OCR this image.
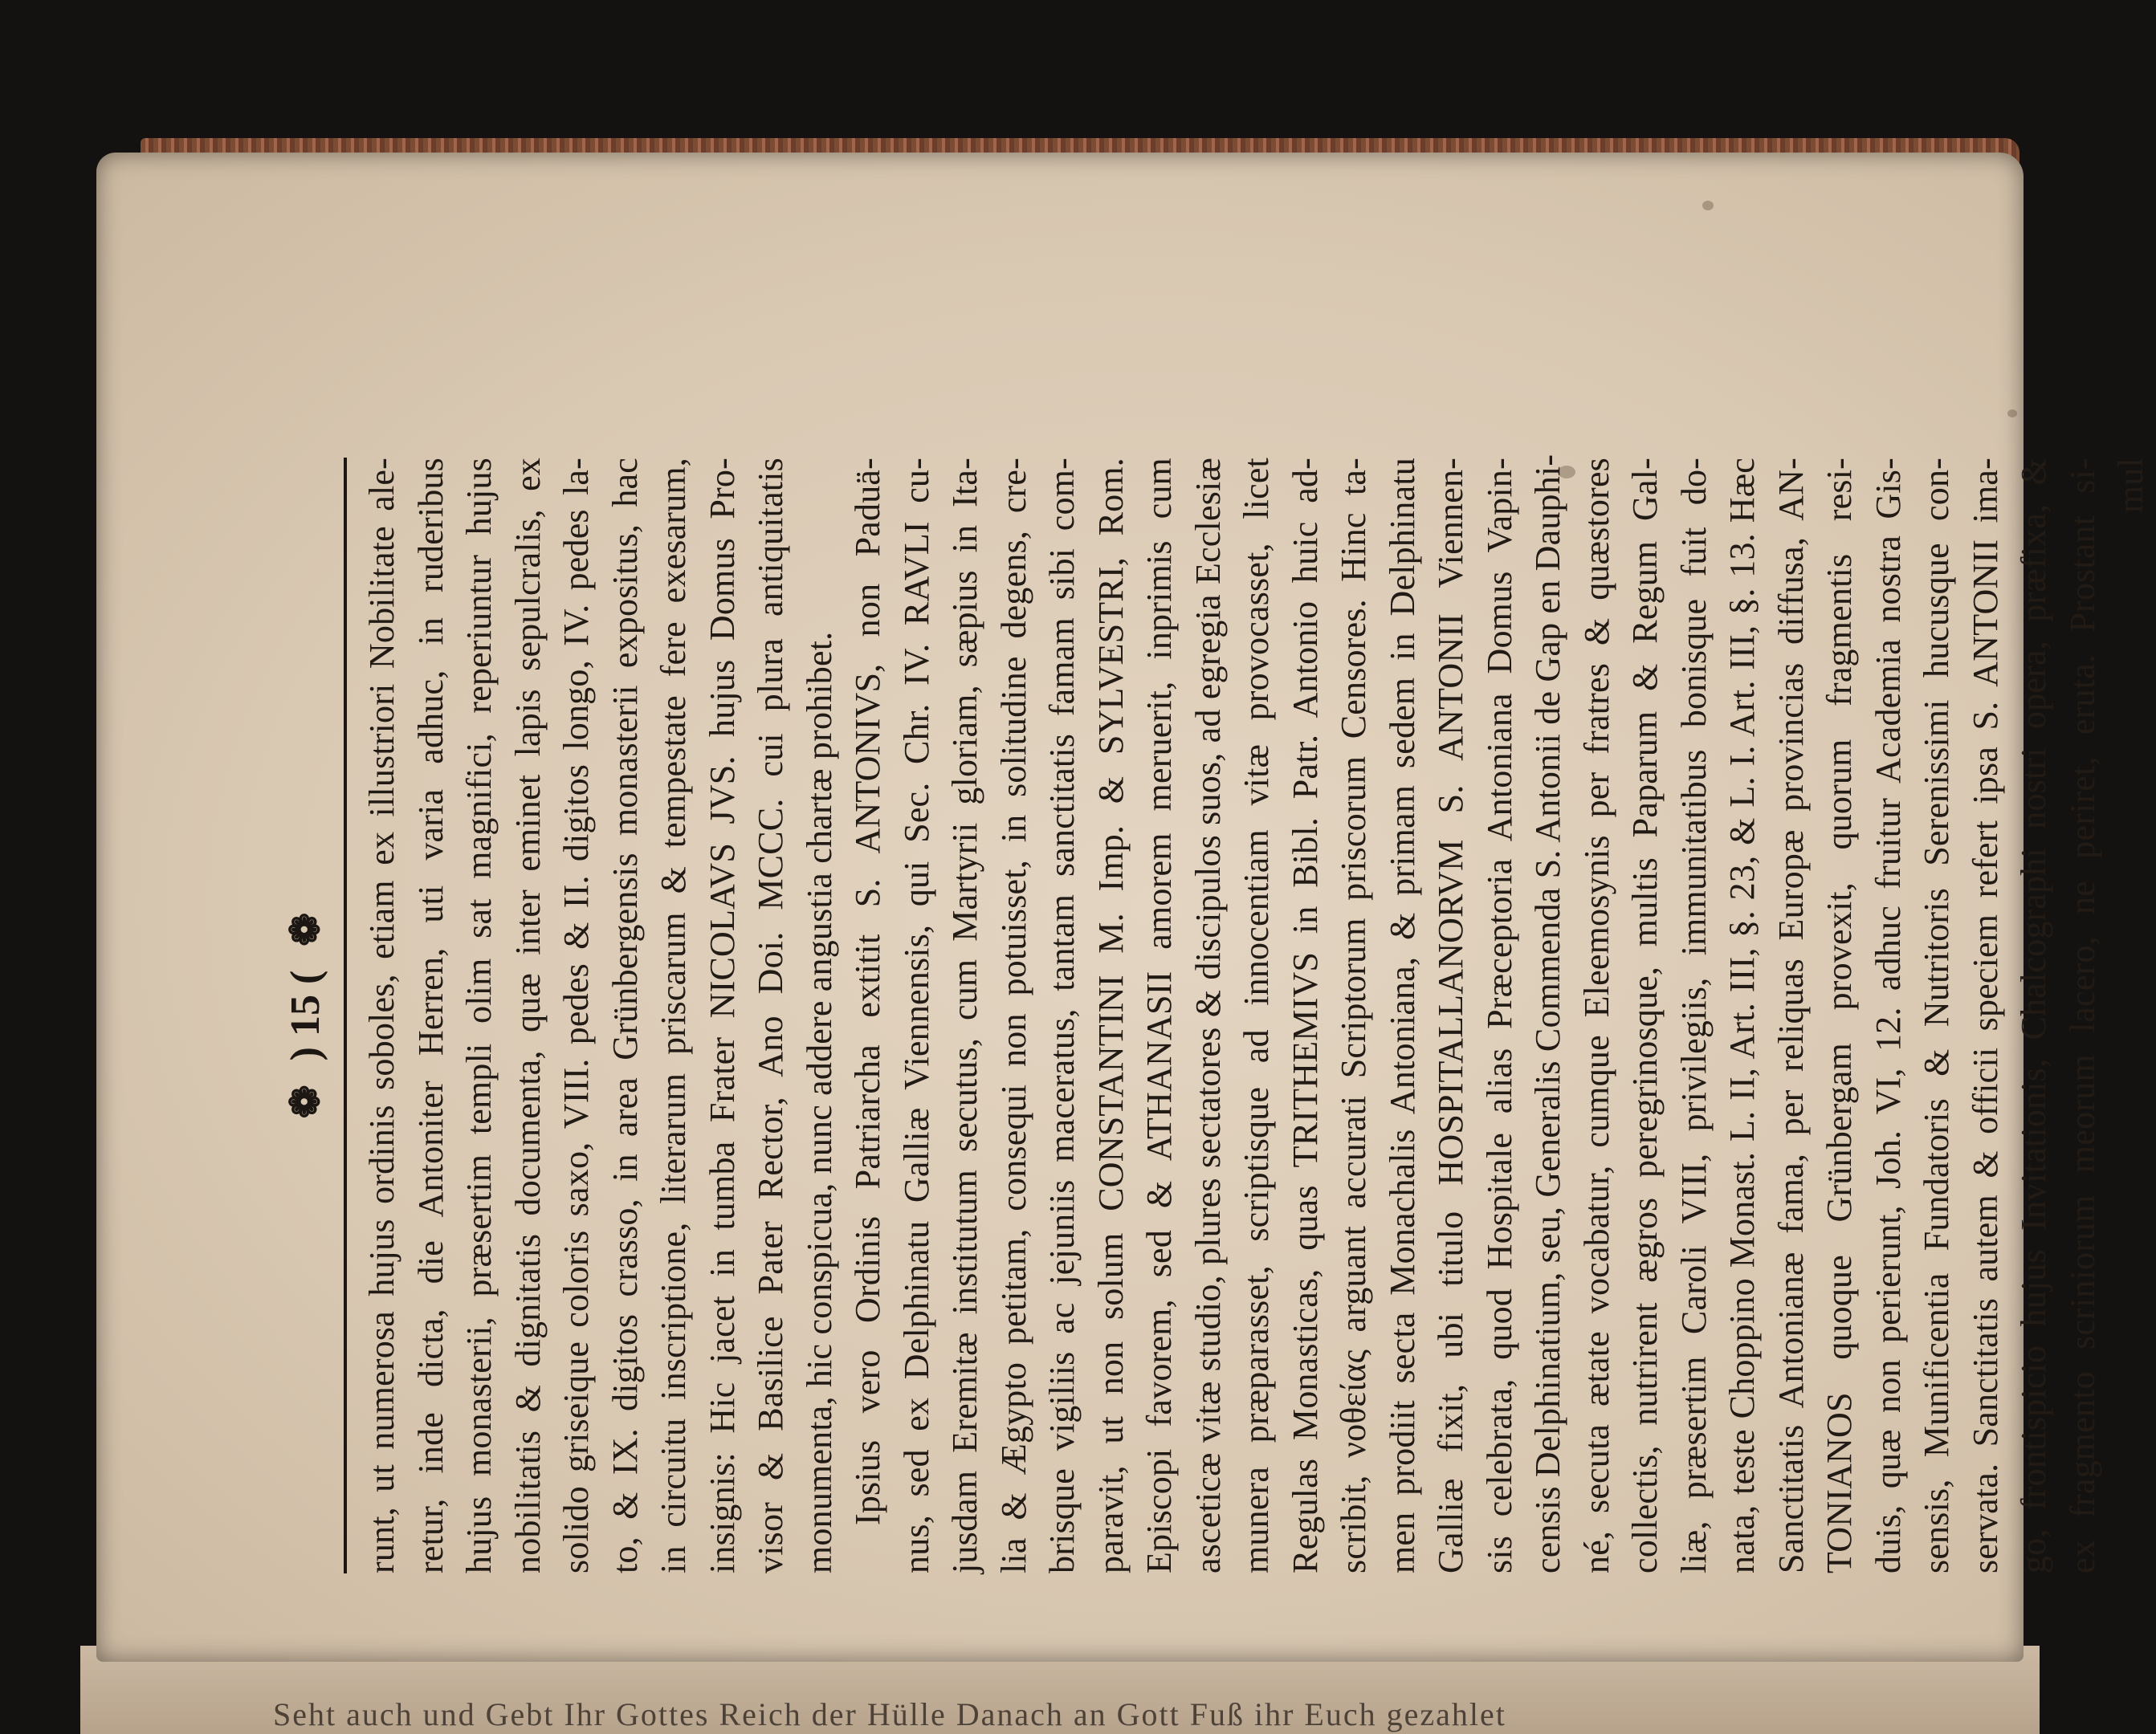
Seht auch und Gebt Ihr Gottes Reich der Hülle Danach an Gott Fuß ihr Euch gezahlet
❁
) 15 (
❁ runt, ut numerosa hujus ordinis soboles, etiam ex illustriori Nobilitate ale- retur, inde dicta, die Antoniter Herren, uti varia adhuc, in ruderibus hujus monasterii, præsertim templi olim sat magnifici, reperiuntur hujus nobilitatis & dignitatis documenta, quæ inter eminet lapis sepulcralis, ex solido griseique coloris saxo, VIII. pedes & II. digitos longo, IV. pedes la- to, & IX. digitos crasso, in area Grünbergensis monasterii expositus, hac in circuitu inscriptione, literarum priscarum & tempestate fere exesarum, insignis: Hic jacet in tumba Frater NICOLAVS JVS. hujus Domus Pro- visor & Basilice Pater Rector, Ano Doi. MCCC. cui plura antiquitatis monumenta, hic conspicua, nunc addere angustia chartæ prohibet. Ipsius vero Ordinis Patriarcha extitit S. ANTONIVS, non Paduä- nus, sed ex Delphinatu Galliæ Viennensis, qui Sec. Chr. IV. RAVLI cu- jusdam Eremitæ institutum secutus, cum Martyrii gloriam, sæpius in Ita- lia & Ægypto petitam, consequi non potuisset, in solitudine degens, cre- brisque vigiliis ac jejuniis maceratus, tantam sanctitatis famam sibi com- paravit, ut non solum CONSTANTINI M. Imp. & SYLVESTRI, Rom. Episcopi favorem, sed & ATHANASII amorem meruerit, inprimis cum asceticæ vitæ studio, plures sectatores & discipulos suos, ad egregia Ecclesiæ munera præparasset, scriptisque ad innocentiam vitæ provocasset, licet Regulas Monasticas, quas TRITHEMIVS in Bibl. Patr. Antonio huic ad- scribit, νοθείας arguant accurati Scriptorum priscorum Censores. Hinc ta- men prodiit secta Monachalis Antoniana, & primam sedem in Delphinatu Galliæ fixit, ubi titulo HOSPITALLANORVM S. ANTONII Viennen- sis celebrata, quod Hospitale alias Præceptoria Antoniana Domus Vapin- censis Delphinatium, seu, Generalis Commenda S. Antonii de Gap en Dauphi- né, secuta ætate vocabatur, cumque Eleemosynis per fratres & quæstores collectis, nutrirent ægros peregrinosque, multis Paparum & Regum Gal- liæ, præsertim Caroli VIII, privilegiis, immunitatibus bonisque fuit do- nata, teste Choppino Monast. L. II, Art. III, §. 23, & L. I. Art. III, §. 13. Hæc Sanctitatis Antonianæ fama, per reliquas Europæ provincias diffusa, AN- TONIANOS quoque Grünbergam provexit, quorum fragmentis resi- duis, quæ non perierunt, Joh. VI, 12. adhuc fruitur Academia nostra Gis- sensis, Munificentia Fundatoris & Nutritoris Serenissimi hucusque con- servata. Sanctitatis autem & officii speciem refert ipsa S. ANTONII ima- go, frontispicio hujus Invitationis, Chalcographi nostri opera, præfixa, & ex fragmento scriniorum meorum lacero, ne periret, eruta. Prostant si- mul
